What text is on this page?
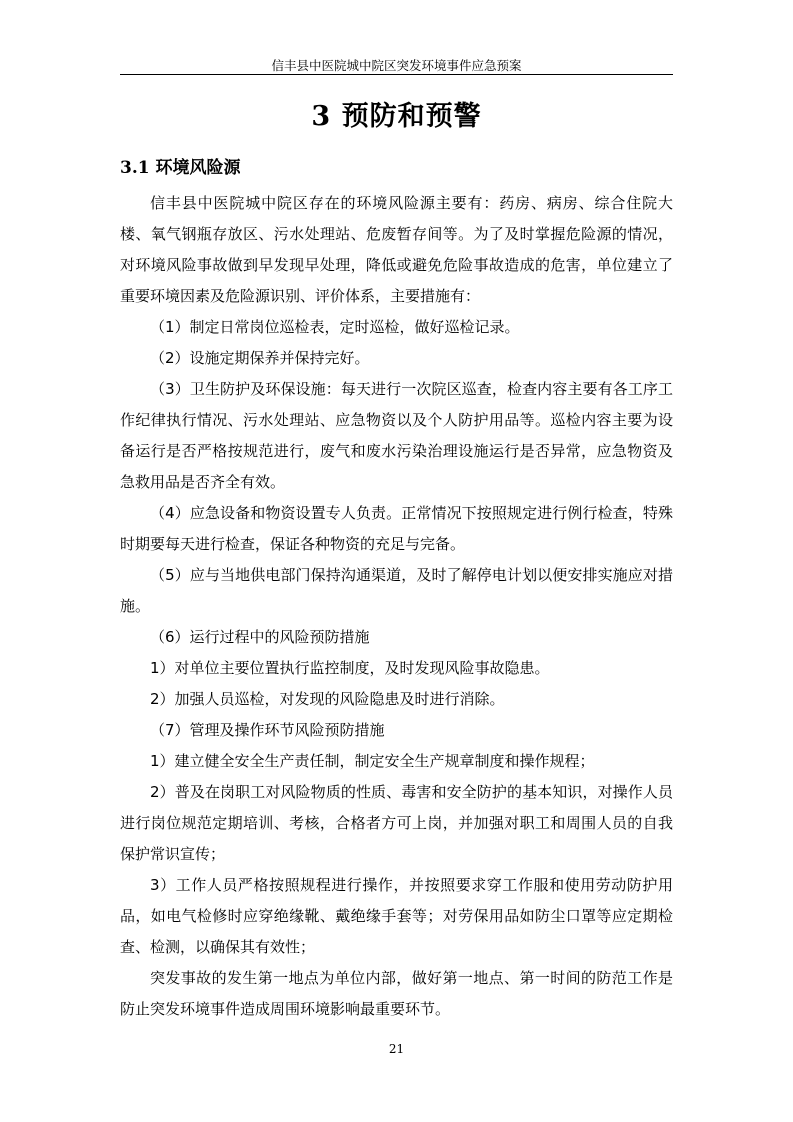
信丰县中医院城中院区突发环境事件应急预案
3 预防和预警
3.1 环境风险源

信丰县中医院城中院区存在的环境风险源主要有：药房、病房、综合住院大楼、氧气钢瓶存放区、污水处理站、危废暂存间等。为了及时掌握危险源的情况，对环境风险事故做到早发现早处理，降低或避免危险事故造成的危害，单位建立了重要环境因素及危险源识别、评价体系，主要措施有：

（1）制定日常岗位巡检表，定时巡检，做好巡检记录。

（2）设施定期保养并保持完好。

（3）卫生防护及环保设施：每天进行一次院区巡查，检查内容主要有各工序工作纪律执行情况、污水处理站、应急物资以及个人防护用品等。巡检内容主要为设备运行是否严格按规范进行，废气和废水污染治理设施运行是否异常，应急物资及急救用品是否齐全有效。

（4）应急设备和物资设置专人负责。正常情况下按照规定进行例行检查，特殊时期要每天进行检查，保证各种物资的充足与完备。

（5）应与当地供电部门保持沟通渠道，及时了解停电计划以便安排实施应对措施。

（6）运行过程中的风险预防措施

1）对单位主要位置执行监控制度，及时发现风险事故隐患。

2）加强人员巡检，对发现的风险隐患及时进行消除。

（7）管理及操作环节风险预防措施

1）建立健全安全生产责任制，制定安全生产规章制度和操作规程；

2）普及在岗职工对风险物质的性质、毒害和安全防护的基本知识，对操作人员进行岗位规范定期培训、考核，合格者方可上岗，并加强对职工和周围人员的自我保护常识宣传；

3）工作人员严格按照规程进行操作，并按照要求穿工作服和使用劳动防护用品，如电气检修时应穿绝缘靴、戴绝缘手套等；对劳保用品如防尘口罩等应定期检查、检测，以确保其有效性；

突发事故的发生第一地点为单位内部，做好第一地点、第一时间的防范工作是防止突发环境事件造成周围环境影响最重要环节。

21
